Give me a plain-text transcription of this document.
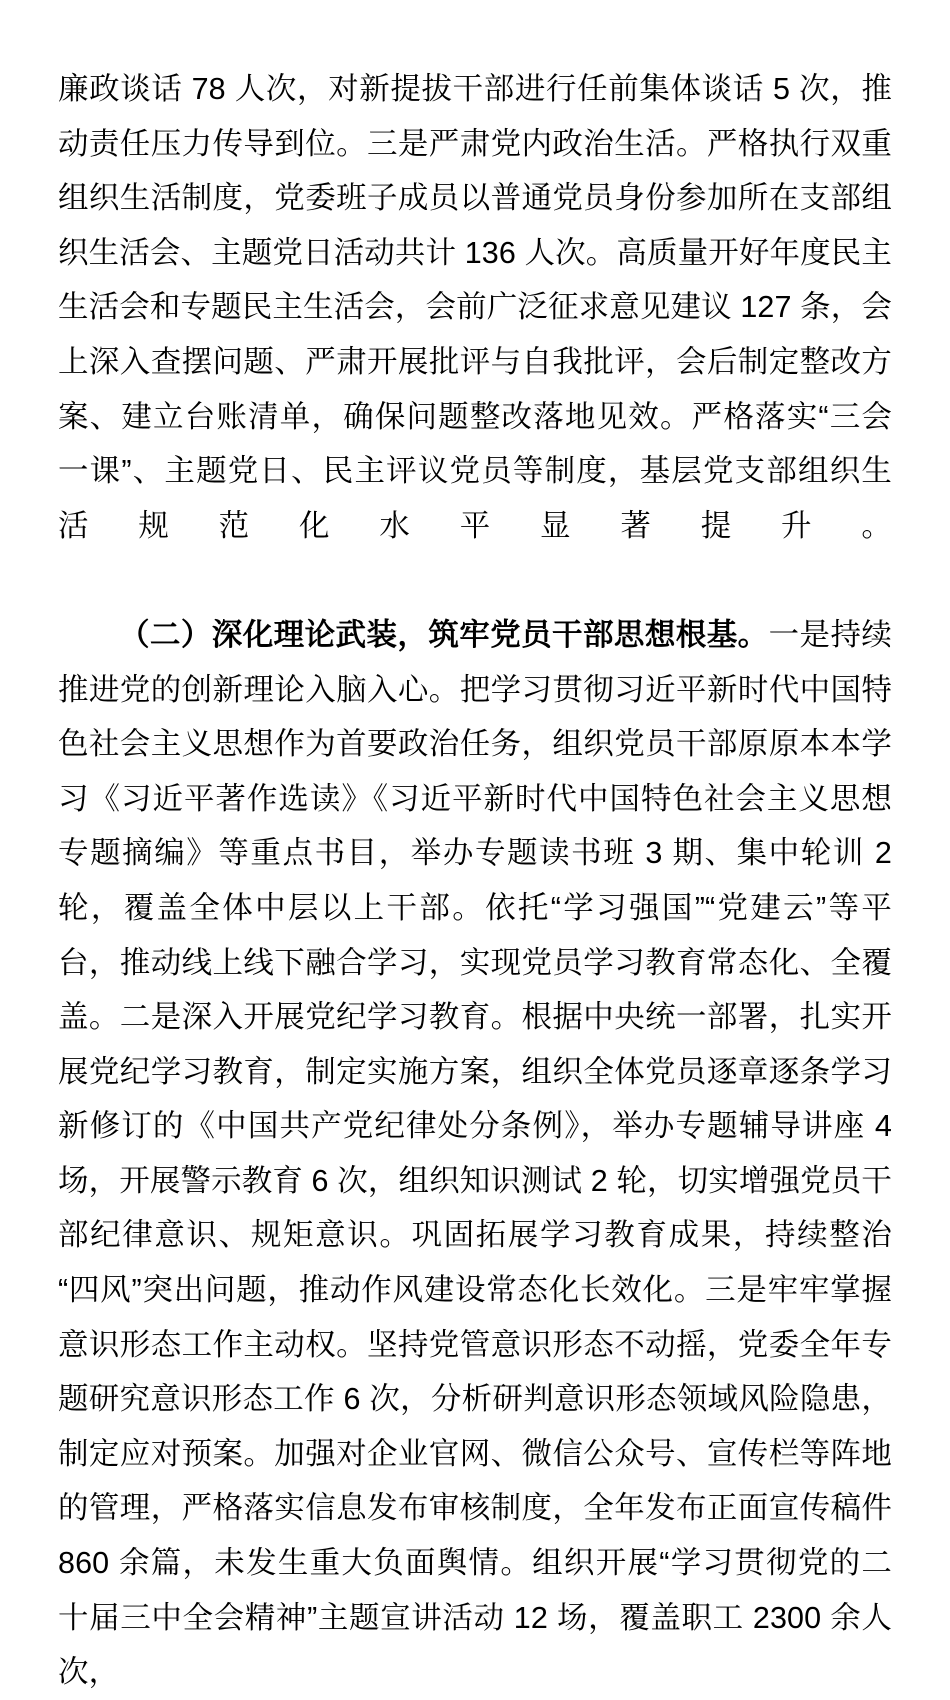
廉政谈话 78 人次，对新提拔干部进行任前集体谈话 5 次，推动责任压力传导到位。三是严肃党内政治生活。严格执行双重组织生活制度，党委班子成员以普通党员身份参加所在支部组织生活会、主题党日活动共计 136 人次。高质量开好年度民主生活会和专题民主生活会，会前广泛征求意见建议 127 条，会上深入查摆问题、严肃开展批评与自我批评，会后制定整改方案、建立台账清单，确保问题整改落地见效。严格落实“三会一课”、主题党日、民主评议党员等制度，基层党支部组织生活规范化水平显著提升。

（二）深化理论武装，筑牢党员干部思想根基。一是持续推进党的创新理论入脑入心。把学习贯彻习近平新时代中国特色社会主义思想作为首要政治任务，组织党员干部原原本本学习《习近平著作选读》《习近平新时代中国特色社会主义思想专题摘编》等重点书目，举办专题读书班 3 期、集中轮训 2 轮，覆盖全体中层以上干部。依托“学习强国”“党建云”等平台，推动线上线下融合学习，实现党员学习教育常态化、全覆盖。二是深入开展党纪学习教育。根据中央统一部署，扎实开展党纪学习教育，制定实施方案，组织全体党员逐章逐条学习新修订的《中国共产党纪律处分条例》，举办专题辅导讲座 4 场，开展警示教育 6 次，组织知识测试 2 轮，切实增强党员干部纪律意识、规矩意识。巩固拓展学习教育成果，持续整治“四风”突出问题，推动作风建设常态化长效化。三是牢牢掌握意识形态工作主动权。坚持党管意识形态不动摇，党委全年专题研究意识形态工作 6 次，分析研判意识形态领域风险隐患，制定应对预案。加强对企业官网、微信公众号、宣传栏等阵地的管理，严格落实信息发布审核制度，全年发布正面宣传稿件 860 余篇，未发生重大负面舆情。组织开展“学习贯彻党的二十届三中全会精神”主题宣讲活动 12 场，覆盖职工 2300 余人次，
